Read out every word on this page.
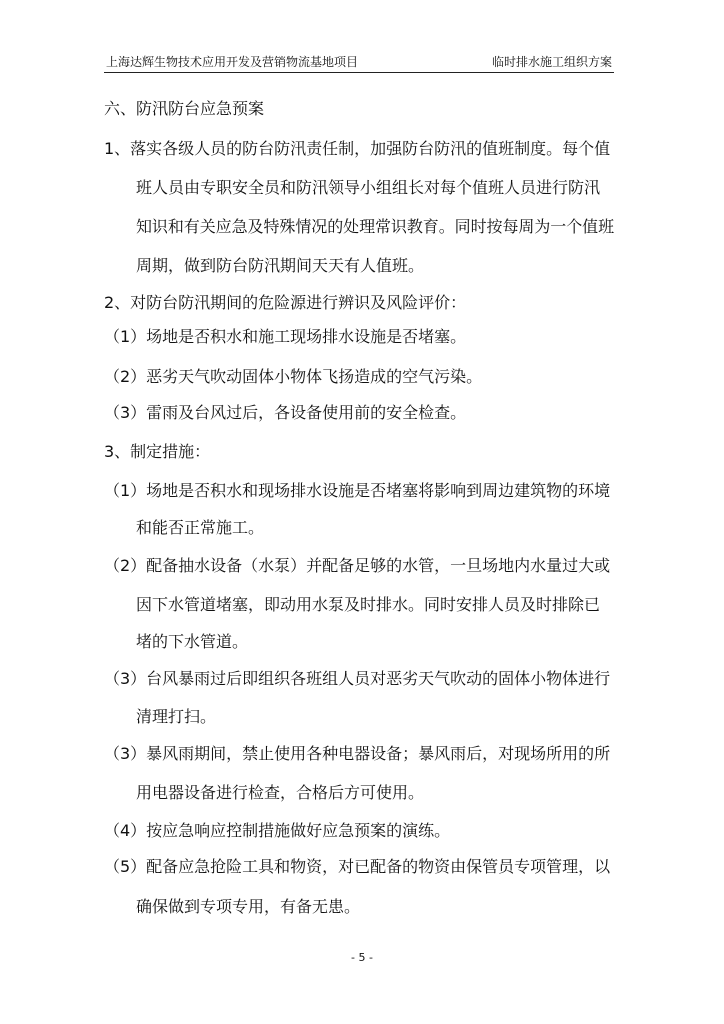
上海达辉生物技术应用开发及营销物流基地项目	临时排水施工组织方案
六、防汛防台应急预案
1、落实各级人员的防台防汛责任制，加强防台防汛的值班制度。每个值
班人员由专职安全员和防汛领导小组组长对每个值班人员进行防汛
知识和有关应急及特殊情况的处理常识教育。同时按每周为一个值班
周期，做到防台防汛期间天天有人值班。
2、对防台防汛期间的危险源进行辨识及风险评价：
（1）场地是否积水和施工现场排水设施是否堵塞。
（2）恶劣天气吹动固体小物体飞扬造成的空气污染。
（3）雷雨及台风过后，各设备使用前的安全检查。
3、制定措施：
（1）场地是否积水和现场排水设施是否堵塞将影响到周边建筑物的环境
和能否正常施工。
（2）配备抽水设备（水泵）并配备足够的水管，一旦场地内水量过大或
因下水管道堵塞，即动用水泵及时排水。同时安排人员及时排除已
堵的下水管道。
（3）台风暴雨过后即组织各班组人员对恶劣天气吹动的固体小物体进行
清理打扫。
（3）暴风雨期间，禁止使用各种电器设备；暴风雨后，对现场所用的所
用电器设备进行检查，合格后方可使用。
（4）按应急响应控制措施做好应急预案的演练。
（5）配备应急抢险工具和物资，对已配备的物资由保管员专项管理，以
确保做到专项专用，有备无患。
- 5 -
